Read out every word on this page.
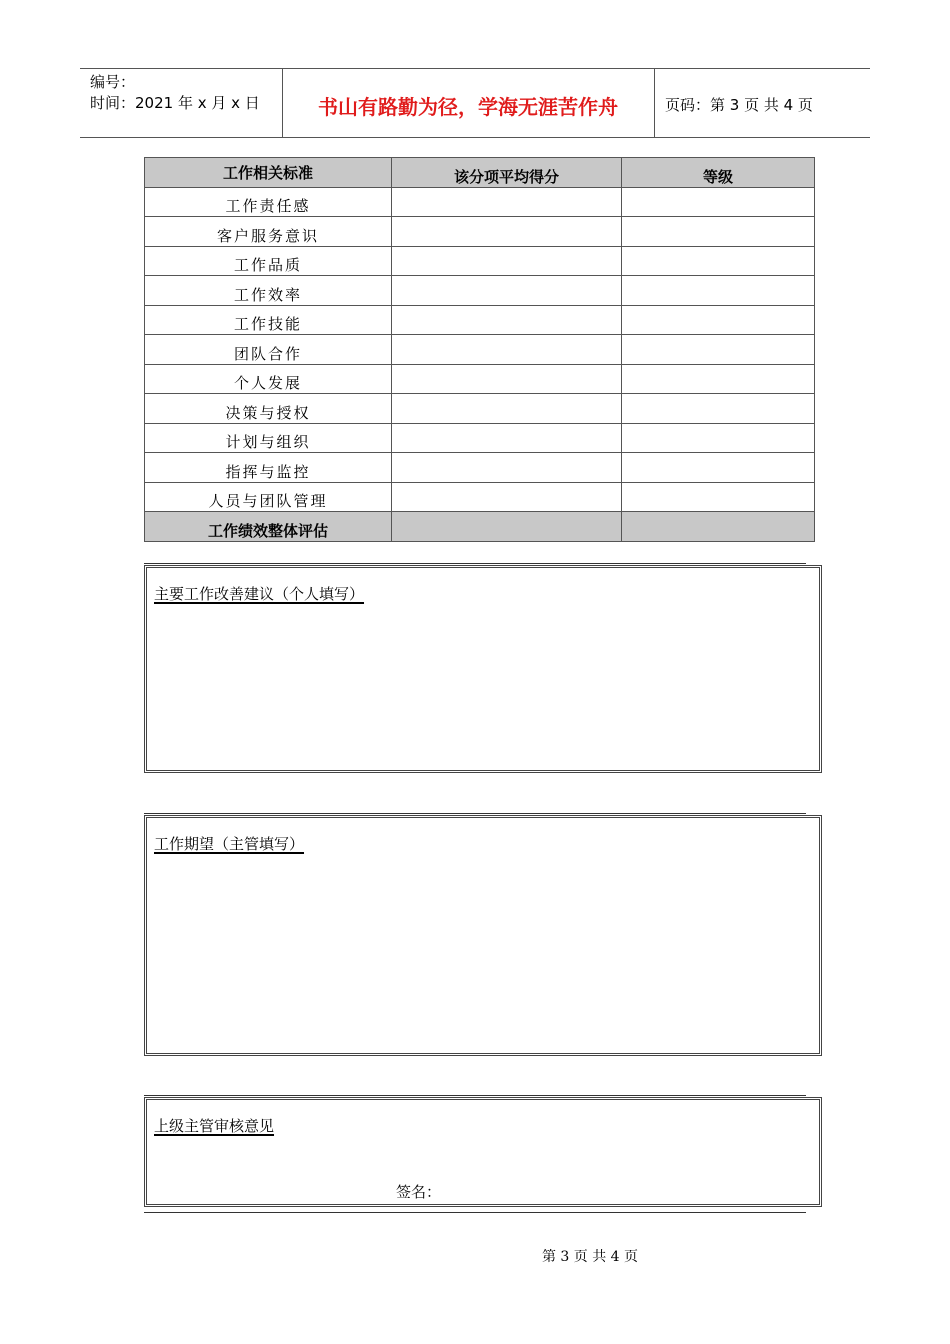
编号：
时间：2021 年 x 月 x 日	书山有路勤为径，学海无涯苦作舟	页码：第 3 页 共 4 页
工作相关标准	该分项平均得分	等级
工作责任感		
客户服务意识		
工作品质		
工作效率		
工作技能		
团队合作		
个人发展		
决策与授权		
计划与组织		
指挥与监控		
人员与团队管理		
工作绩效整体评估		
主要工作改善建议（个人填写）
工作期望（主管填写）
上级主管审核意见
签名：
第 3 页 共 4 页
